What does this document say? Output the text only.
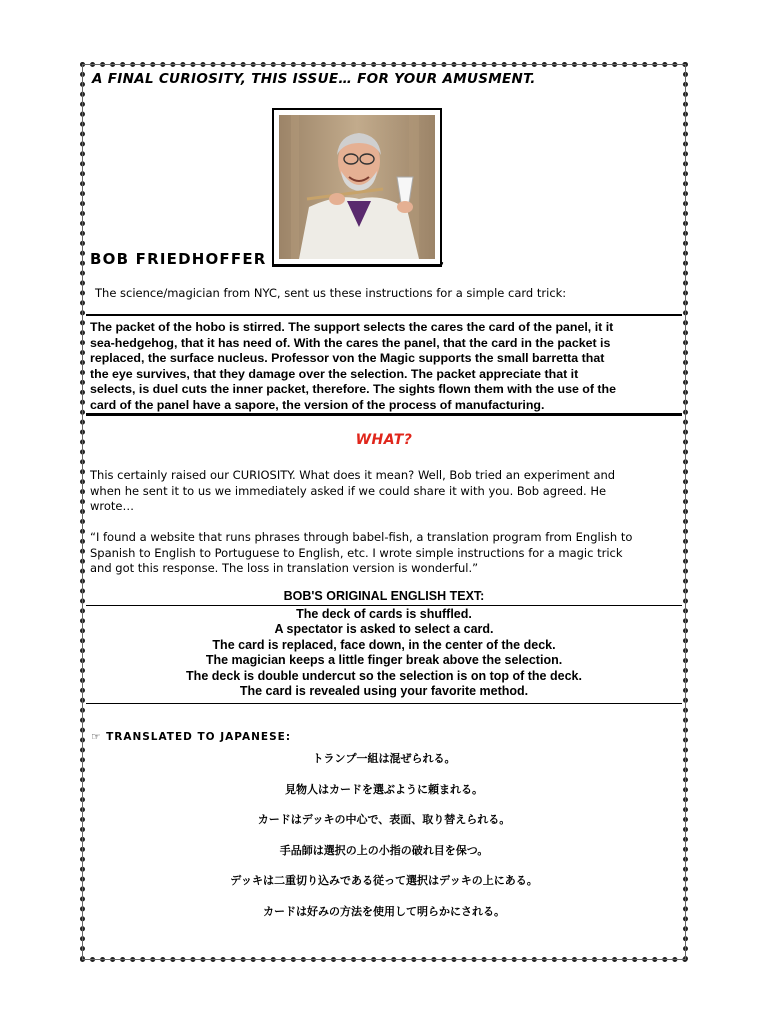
A FINAL CURIOSITY, THIS ISSUE… FOR YOUR AMUSMENT.
BOB FRIEDHOFFER	,
The science/magician from NYC, sent us these instructions for a simple card trick:
The packet of the hobo is stirred. The support selects the cares the card of the panel, it it
sea-hedgehog, that it has need of. With the cares the panel, that the card in the packet is
replaced, the surface nucleus. Professor von the Magic supports the small barretta that
the eye survives, that they damage over the selection. The packet appreciate that it
selects, is duel cuts the inner packet, therefore. The sights flown them with the use of the
card of the panel have a sapore, the version of the process of manufacturing.
WHAT?
This certainly raised our CURIOSITY. What does it mean? Well, Bob tried an experiment and
when he sent it to us we immediately asked if we could share it with you. Bob agreed. He
wrote…
“I found a website that runs phrases through babel-fish, a translation program from English to
Spanish to English to Portuguese to English, etc. I wrote simple instructions for a magic trick
and got this response. The loss in translation version is wonderful.”
BOB'S ORIGINAL ENGLISH TEXT:
The deck of cards is shuffled.
A spectator is asked to select a card.
The card is replaced, face down, in the center of the deck.
The magician keeps a little finger break above the selection.
The deck is double undercut so the selection is on top of the deck.
The card is revealed using your favorite method.
☞ TRANSLATED TO JAPANESE:
トランプ一組は混ぜられる。
見物人はカードを選ぶように頼まれる。
カードはデッキの中心で、表面、取り替えられる。
手品師は選択の上の小指の破れ目を保つ。
デッキは二重切り込みである従って選択はデッキの上にある。
カードは好みの方法を使用して明らかにされる。
